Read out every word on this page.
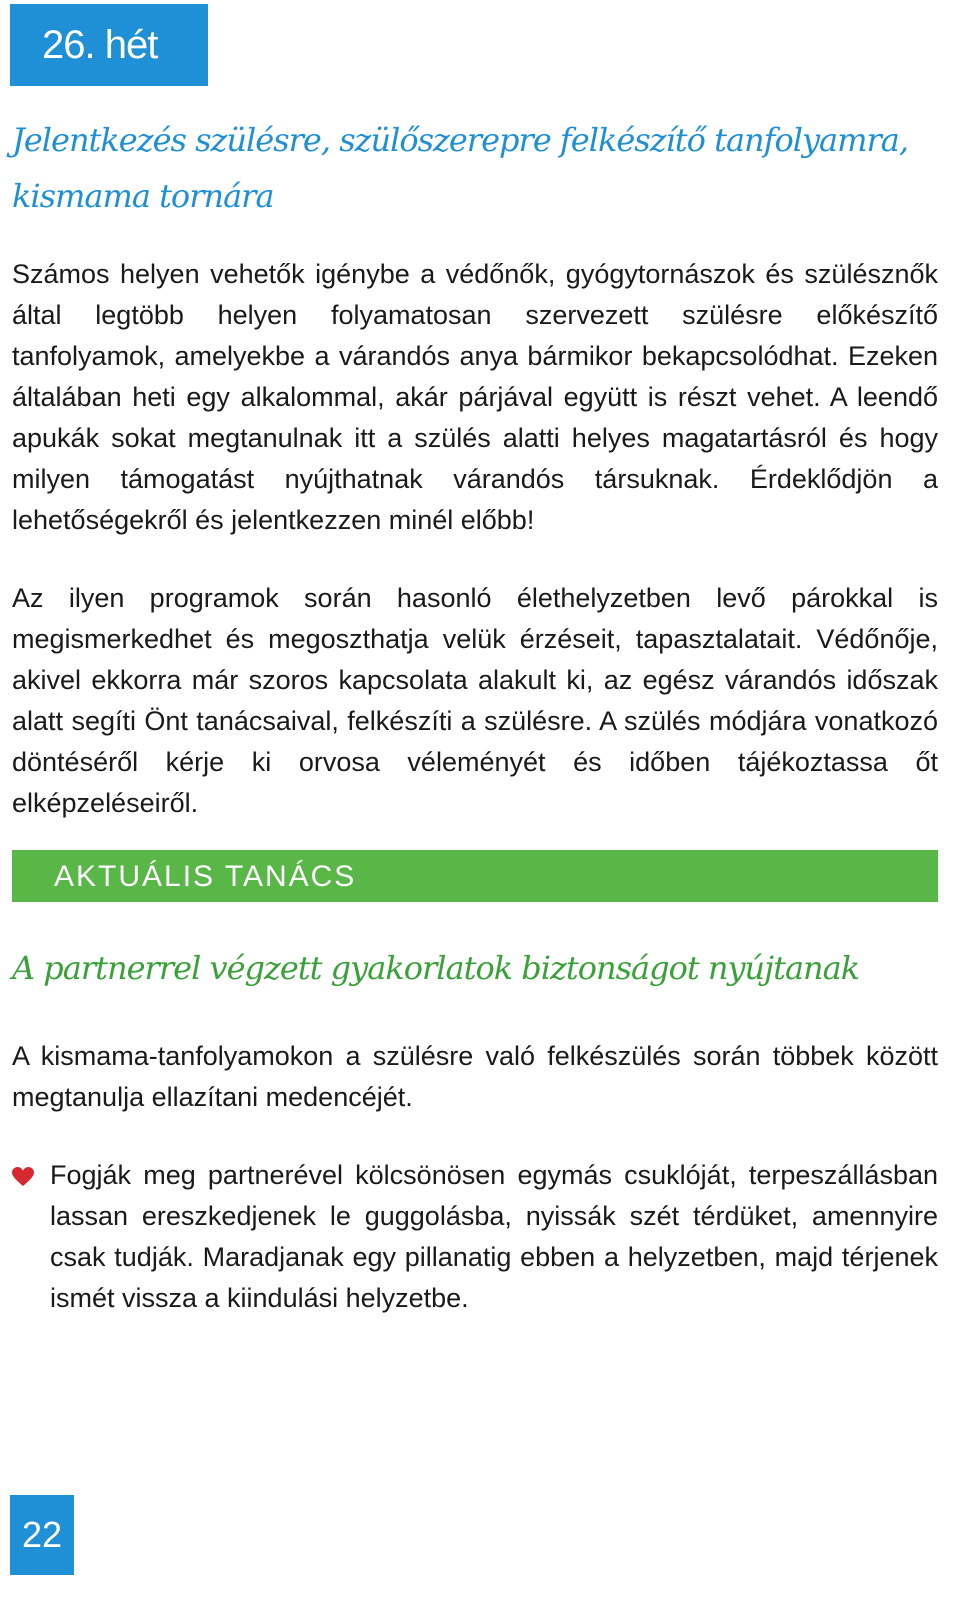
26. hét
Jelentkezés szülésre, szülőszerepre felkészítő tanfolyamra, kismama tornára
Számos helyen vehetők igénybe a védőnők, gyógytornászok és szülésznők által legtöbb helyen folyamatosan szervezett szülésre előkészítő tanfolyamok, amelyekbe a várandós anya bármikor bekapcsolódhat. Ezeken általában heti egy alkalommal, akár párjával együtt is részt vehet. A leendő apukák sokat megtanulnak itt a szülés alatti helyes magatartásról és hogy milyen támogatást nyújthatnak várandós társuknak. Érdeklődjön a lehetőségekről és jelentkezzen minél előbb!
Az ilyen programok során hasonló élethelyzetben levő párokkal is megismerkedhet és megoszthatja velük érzéseit, tapasztalatait. Védőnője, akivel ekkorra már szoros kapcsolata alakult ki, az egész várandós időszak alatt segíti Önt tanácsaival, felkészíti a szülésre. A szülés módjára vonatkozó döntéséről kérje ki orvosa véleményét és időben tájékoztassa őt elképzeléseiről.
AKTUÁLIS TANÁCS
A partnerrel végzett gyakorlatok biztonságot nyújtanak
A kismama-tanfolyamokon a szülésre való felkészülés során többek között megtanulja ellazítani medencéjét.
Fogják meg partnerével kölcsönösen egymás csuklóját, terpeszállásban lassan ereszkedjenek le guggolásba, nyissák szét térdüket, amennyire csak tudják. Maradjanak egy pillanatig ebben a helyzetben, majd térjenek ismét vissza a kiindulási helyzetbe.
22
